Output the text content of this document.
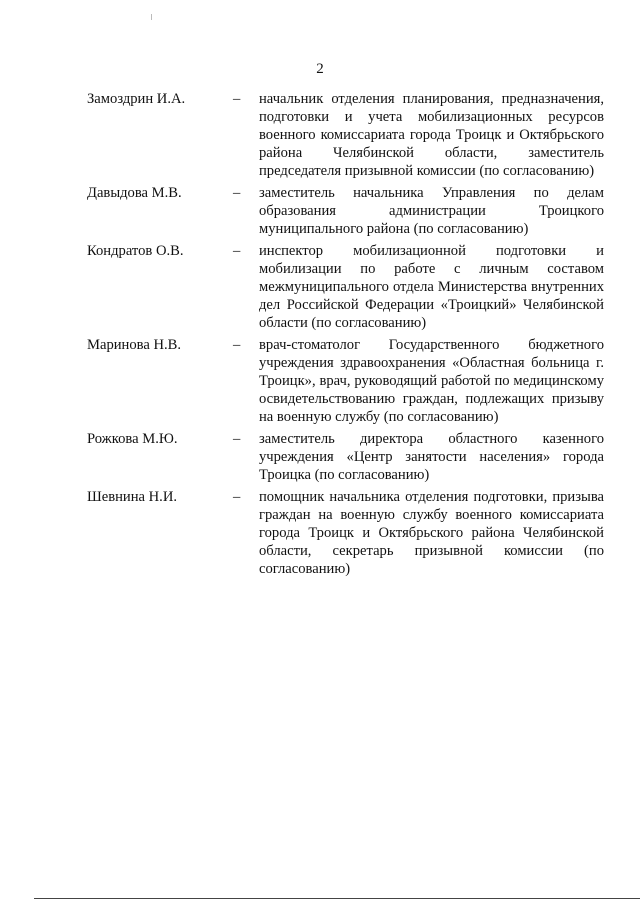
2
Замоздрин И.А.	– начальник отделения планирования, предназначения, подготовки и учета мобилизационных ресурсов военного комиссариата города Троицк и Октябрьского района Челябинской области, заместитель председателя призывной комиссии (по согласованию)
Давыдова М.В.	– заместитель начальника Управления по делам образования администрации Троицкого муниципального района (по согласованию)
Кондратов О.В.	– инспектор мобилизационной подготовки и мобилизации по работе с личным составом межмуниципального отдела Министерства внутренних дел Российской Федерации «Троицкий» Челябинской области (по согласованию)
Маринова Н.В.	– врач-стоматолог Государственного бюджетного учреждения здравоохранения «Областная больница г. Троицк», врач, руководящий работой по медицинскому освидетельствованию граждан, подлежащих призыву на военную службу (по согласованию)
Рожкова М.Ю.	– заместитель директора областного казенного учреждения «Центр занятости населения» города Троицка (по согласованию)
Шевнина Н.И.	– помощник начальника отделения подготовки, призыва граждан на военную службу военного комиссариата города Троицк и Октябрьского района Челябинской области, секретарь призывной комиссии (по согласованию)
